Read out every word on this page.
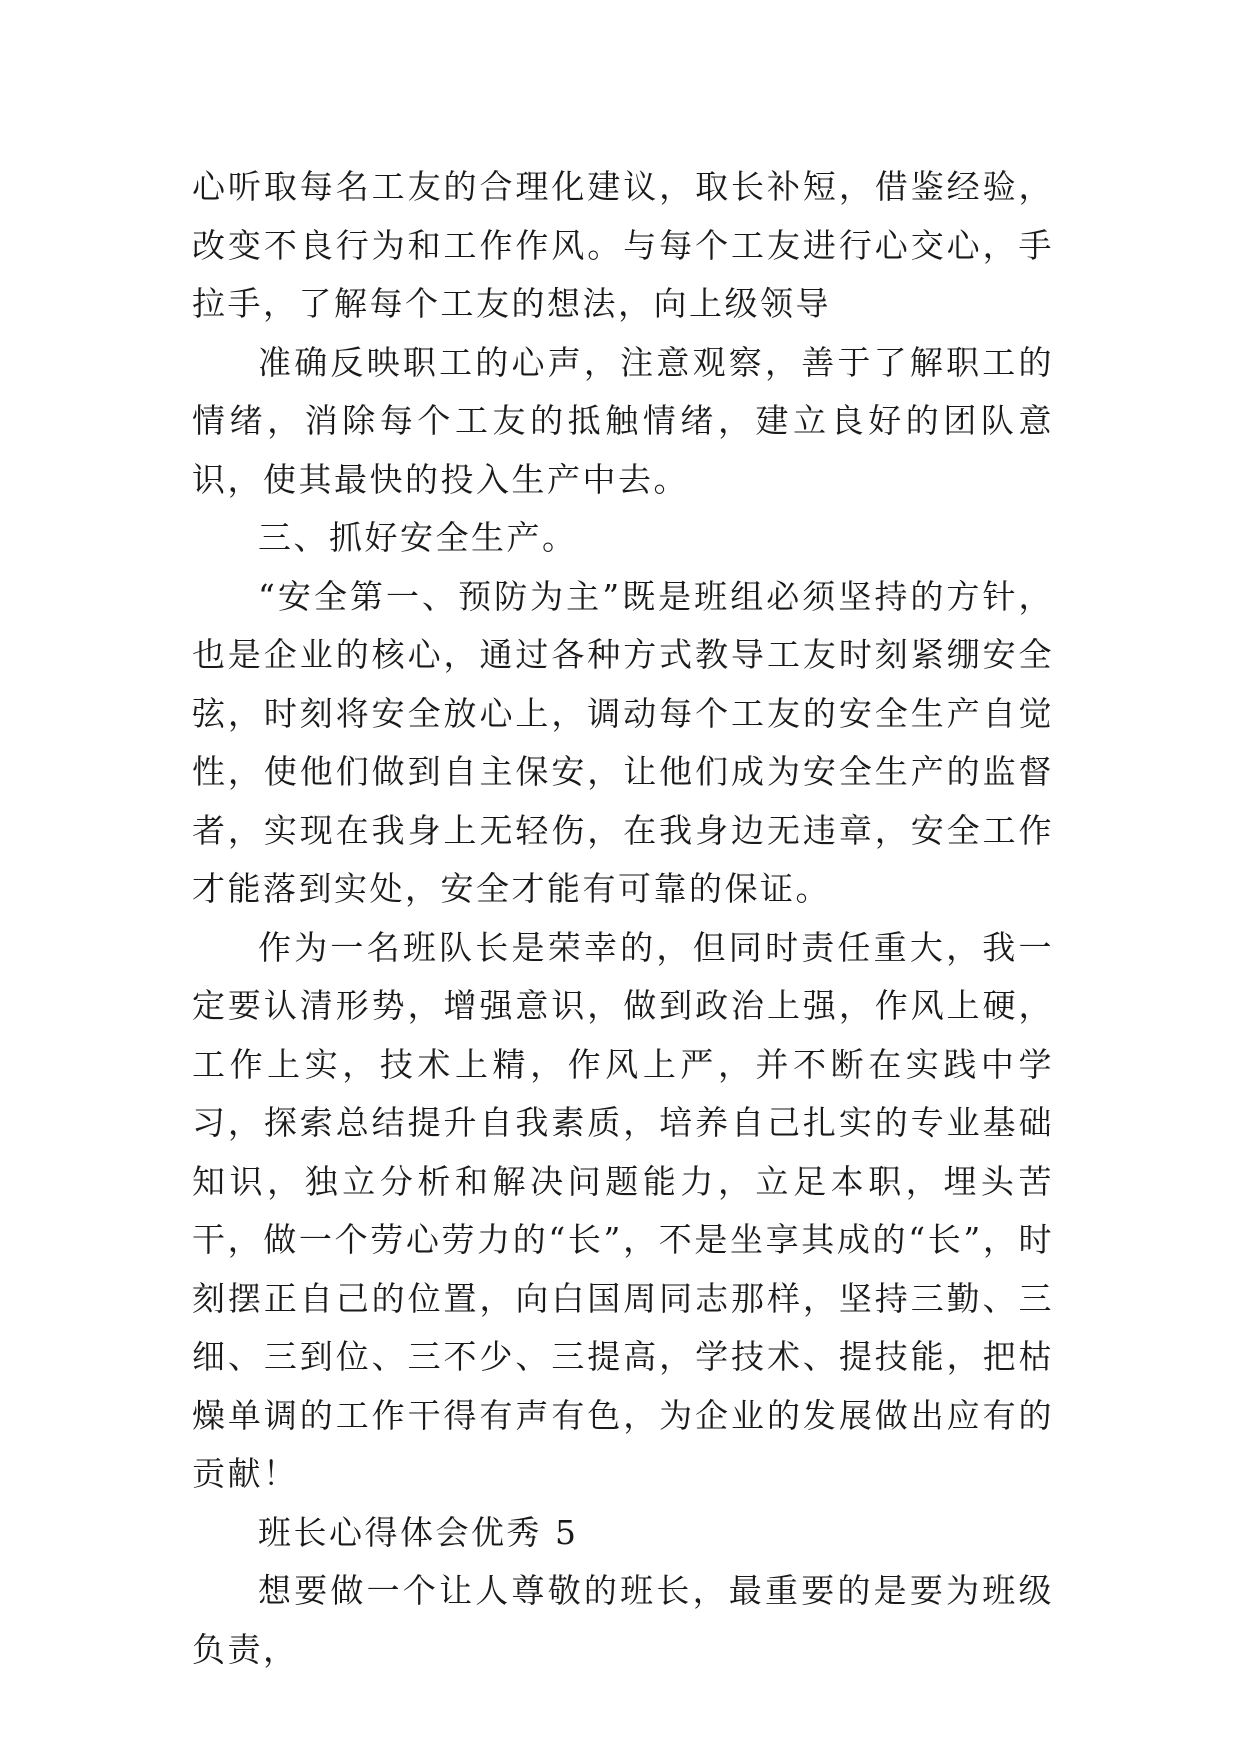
心听取每名工友的合理化建议，取长补短，借鉴经验，改变不良行为和工作作风。与每个工友进行心交心，手拉手，了解每个工友的想法，向上级领导

准确反映职工的心声，注意观察，善于了解职工的情绪，消除每个工友的抵触情绪，建立良好的团队意识，使其最快的投入生产中去。

三、抓好安全生产。

“安全第一、预防为主”既是班组必须坚持的方针，也是企业的核心，通过各种方式教导工友时刻紧绷安全弦，时刻将安全放心上，调动每个工友的安全生产自觉性，使他们做到自主保安，让他们成为安全生产的监督者，实现在我身上无轻伤，在我身边无违章，安全工作才能落到实处，安全才能有可靠的保证。

作为一名班队长是荣幸的，但同时责任重大，我一定要认清形势，增强意识，做到政治上强，作风上硬，工作上实，技术上精，作风上严，并不断在实践中学习，探索总结提升自我素质，培养自己扎实的专业基础知识，独立分析和解决问题能力，立足本职，埋头苦干，做一个劳心劳力的“长”，不是坐享其成的“长”，时刻摆正自己的位置，向白国周同志那样，坚持三勤、三细、三到位、三不少、三提高，学技术、提技能，把枯燥单调的工作干得有声有色，为企业的发展做出应有的贡献！

班长心得体会优秀 5

想要做一个让人尊敬的班长，最重要的是要为班级负责，
